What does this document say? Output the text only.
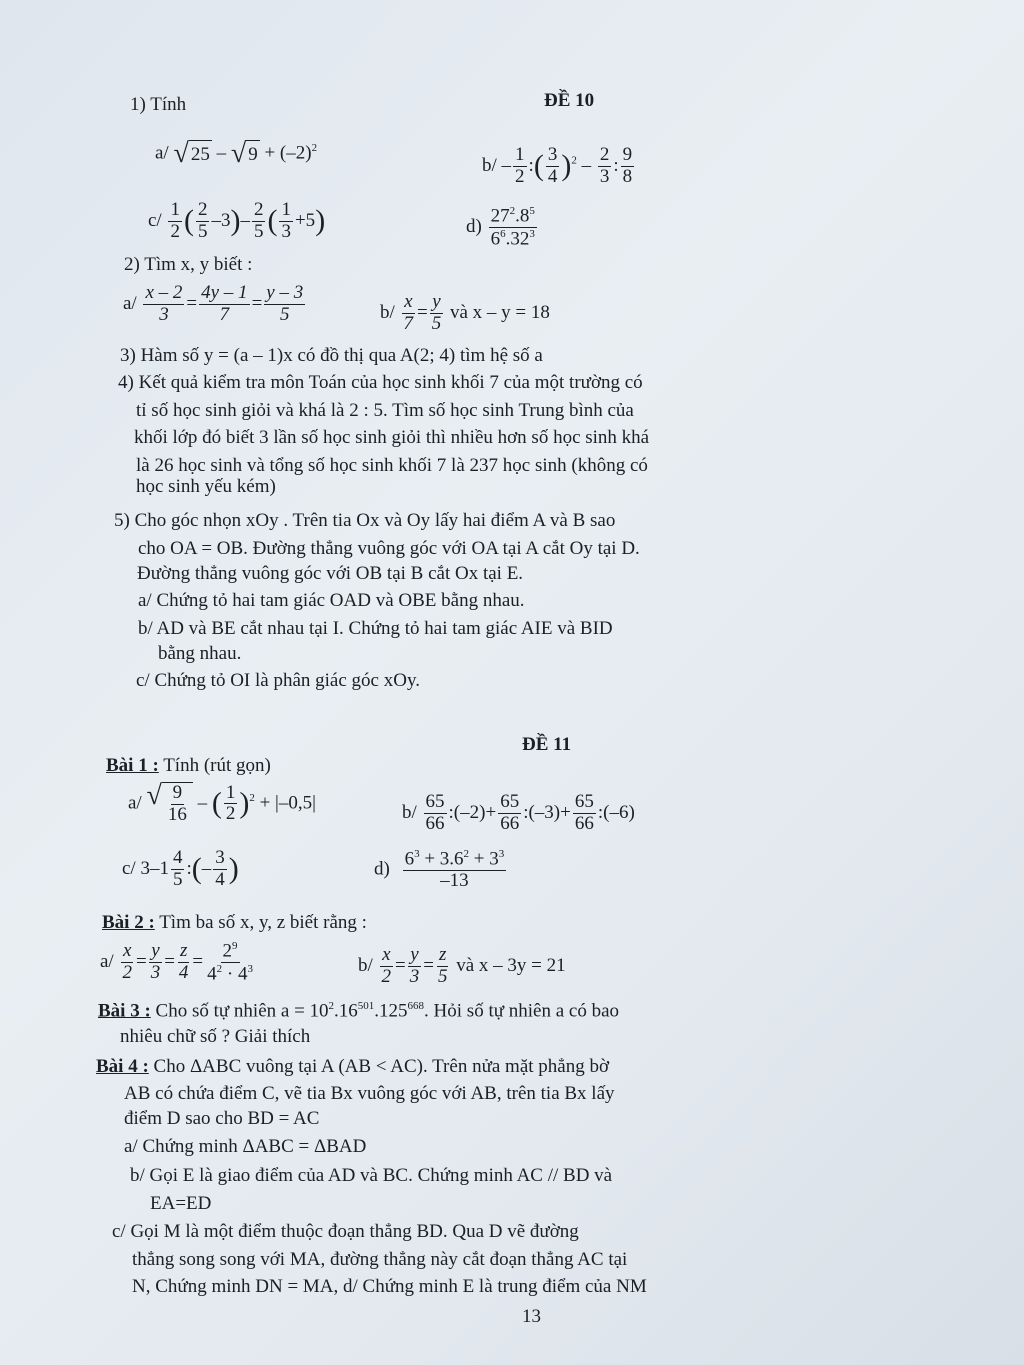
1) Tính	ĐỀ 10
a/ √ 25 – √ $9 + (-2)^2$
$b/ - \frac{1}{2}$ :( $\frac{3}{4} )^2 - \frac{2}{3}$ : $\frac{9}{8}$
$c/ \frac{1}{2}$ ( $\frac{2}{5} -3)- \frac{2}{5}$ ( $\frac{1}{3} +5$)	$d) \frac{27^2.8^5}{6^6.32^3}$
2) Tìm x, y biết :
$a/ \frac{x - 2}{3} = \frac{4y - 1}{7} = \frac{y - 3}{5}$	$b/ \frac{x}{7} = \frac{y}{5}$ và x – y = 18
3) Hàm số y = (a – 1)x có đồ thị qua A(2; 4) tìm hệ số a
4) Kết quả kiểm tra môn Toán của học sinh khối 7 của một trường có
tỉ số học sinh giỏi và khá là 2 : 5. Tìm số học sinh Trung bình của
khối lớp đó biết 3 lần số học sinh giỏi thì nhiều hơn số học sinh khá
là 26 học sinh và tổng số học sinh khối 7 là 237 học sinh (không có
học sinh yếu kém)
5) Cho góc nhọn xOy . Trên tia Ox và Oy lấy hai điểm A và B sao
cho OA = OB. Đường thẳng vuông góc với OA tại A cắt Oy tại D.
Đường thẳng vuông góc với OB tại B cắt Ox tại E.
a/ Chứng tỏ hai tam giác OAD và OBE bằng nhau.
b/ AD và BE cắt nhau tại I. Chứng tỏ hai tam giác AIE và BID
bằng nhau.
c/ Chứng tỏ OI là phân giác góc xOy.
ĐỀ 11
Bài 1 : Tính (rút gọn)
a/ √ $\frac{9}{16}$ – ( $\frac{1}{2} )^2 + |-0,5|$	$b/ \frac{65}{66}$ :(–2)+ $\frac{65}{66}$ :(–3)+ $\frac{65}{66}$ :(–6)
c/ $3-1 \frac{4}{5}$ :(– $\frac{3}{4}$ )	$d) \frac{6^3 + 3.6^2 + 3^3}{-13}$
Bài 2 : Tìm ba số x, y, z biết rằng :
$a/ \frac{x}{2} = \frac{y}{3} = \frac{z}{4} = \frac{2^9}{4^2 \cdot 4^3}$	$b/ \frac{x}{2} = \frac{y}{3} = \frac{z}{5}$ và x – 3y = 21
Bài 3 : Cho số tự nhiên $a = 10^2.16^{501}.125^{668}$. Hỏi số tự nhiên a có bao
nhiêu chữ số ? Giải thích
Bài 4 : Cho ΔABC vuông tại A (AB < AC). Trên nửa mặt phẳng bờ
AB có chứa điểm C, vẽ tia Bx vuông góc với AB, trên tia Bx lấy
điểm D sao cho BD = AC
a/ Chứng minh ΔABC = ΔBAD
b/ Gọi E là giao điểm của AD và BC. Chứng minh AC // BD và
EA=ED
c/ Gọi M là một điểm thuộc đoạn thẳng BD. Qua D vẽ đường
thẳng song song với MA, đường thẳng này cắt đoạn thẳng AC tại
N, Chứng minh DN = MA, d/ Chứng minh E là trung điểm của NM
13
